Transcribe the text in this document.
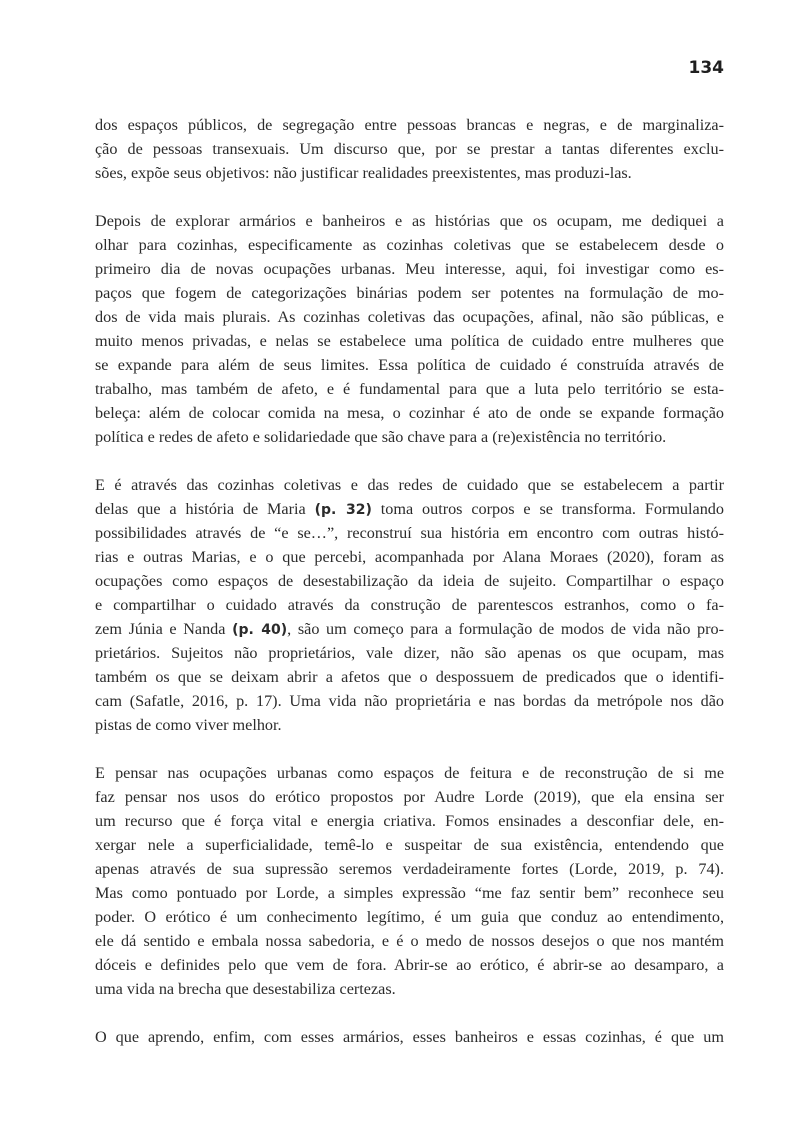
134
dos espaços públicos, de segregação entre pessoas brancas e negras, e de marginaliza-
ção de pessoas transexuais. Um discurso que, por se prestar a tantas diferentes exclu-
sões, expõe seus objetivos: não justificar realidades preexistentes, mas produzi-las.
Depois de explorar armários e banheiros e as histórias que os ocupam, me dediquei a
olhar para cozinhas, especificamente as cozinhas coletivas que se estabelecem desde o
primeiro dia de novas ocupações urbanas. Meu interesse, aqui, foi investigar como es-
paços que fogem de categorizações binárias podem ser potentes na formulação de mo-
dos de vida mais plurais. As cozinhas coletivas das ocupações, afinal, não são públicas, e
muito menos privadas, e nelas se estabelece uma política de cuidado entre mulheres que
se expande para além de seus limites. Essa política de cuidado é construída através de
trabalho, mas também de afeto, e é fundamental para que a luta pelo território se esta-
beleça: além de colocar comida na mesa, o cozinhar é ato de onde se expande formação
política e redes de afeto e solidariedade que são chave para a (re)existência no território.
E é através das cozinhas coletivas e das redes de cuidado que se estabelecem a partir
delas que a história de Maria (p. 32) toma outros corpos e se transforma. Formulando
possibilidades através de “e se…”, reconstruí sua história em encontro com outras histó-
rias e outras Marias, e o que percebi, acompanhada por Alana Moraes (2020), foram as
ocupações como espaços de desestabilização da ideia de sujeito. Compartilhar o espaço
e compartilhar o cuidado através da construção de parentescos estranhos, como o fa-
zem Júnia e Nanda (p. 40), são um começo para a formulação de modos de vida não pro-
prietários. Sujeitos não proprietários, vale dizer, não são apenas os que ocupam, mas
também os que se deixam abrir a afetos que o despossuem de predicados que o identifi-
cam (Safatle, 2016, p. 17). Uma vida não proprietária e nas bordas da metrópole nos dão
pistas de como viver melhor.
E pensar nas ocupações urbanas como espaços de feitura e de reconstrução de si me
faz pensar nos usos do erótico propostos por Audre Lorde (2019), que ela ensina ser
um recurso que é força vital e energia criativa. Fomos ensinades a desconfiar dele, en-
xergar nele a superficialidade, temê-lo e suspeitar de sua existência, entendendo que
apenas através de sua supressão seremos verdadeiramente fortes (Lorde, 2019, p. 74).
Mas como pontuado por Lorde, a simples expressão “me faz sentir bem” reconhece seu
poder. O erótico é um conhecimento legítimo, é um guia que conduz ao entendimento,
ele dá sentido e embala nossa sabedoria, e é o medo de nossos desejos o que nos mantém
dóceis e definides pelo que vem de fora. Abrir-se ao erótico, é abrir-se ao desamparo, a
uma vida na brecha que desestabiliza certezas.
O que aprendo, enfim, com esses armários, esses banheiros e essas cozinhas, é que um
